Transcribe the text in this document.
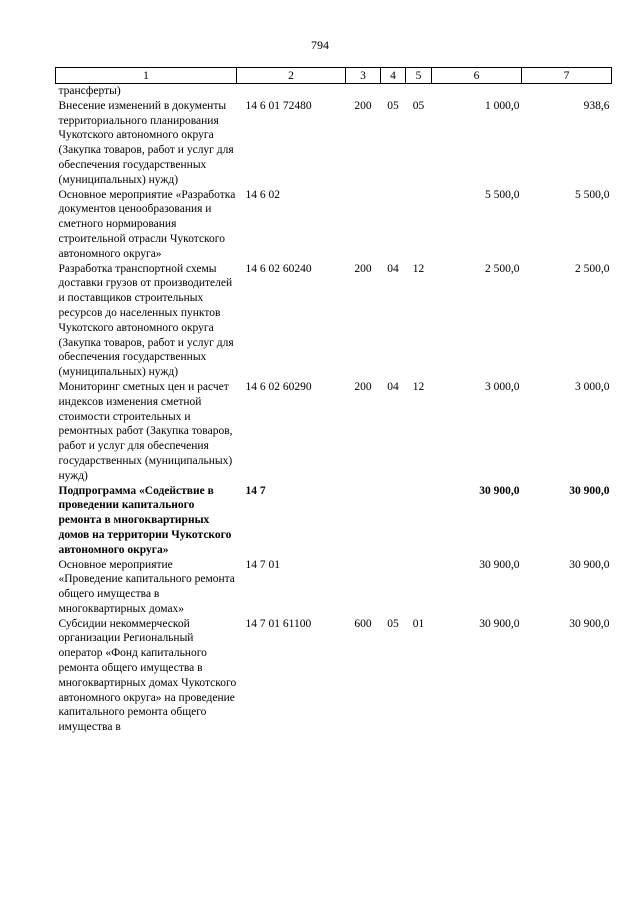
794
1	2	3	4	5	6	7
трансферты)						
Внесение изменений в документы территориального планирования Чукотского автономного округа (Закупка товаров, работ и услуг для обеспечения государственных (муниципальных) нужд)	14 6 01 72480	200	05	05	1 000,0	938,6
Основное мероприятие «Разработка документов ценообразования и сметного нормирования строительной отрасли Чукотского автономного округа»	14 6 02				5 500,0	5 500,0
Разработка транспортной схемы доставки грузов от производителей и поставщиков строительных ресурсов до населенных пунктов Чукотского автономного округа (Закупка товаров, работ и услуг для обеспечения государственных (муниципальных) нужд)	14 6 02 60240	200	04	12	2 500,0	2 500,0
Мониторинг сметных цен и расчет индексов изменения сметной стоимости строительных и ремонтных работ (Закупка товаров, работ и услуг для обеспечения государственных (муниципальных) нужд)	14 6 02 60290	200	04	12	3 000,0	3 000,0
Подпрограмма «Содействие в проведении капитального ремонта в многоквартирных домов на территории Чукотского автономного округа»	14 7				30 900,0	30 900,0
Основное мероприятие «Проведение капитального ремонта общего имущества в многоквартирных домах»	14 7 01				30 900,0	30 900,0
Субсидии некоммерческой организации Региональный оператор «Фонд капитального ремонта общего имущества в многоквартирных домах Чукотского автономного округа» на проведение капитального ремонта общего имущества в	14 7 01 61100	600	05	01	30 900,0	30 900,0
